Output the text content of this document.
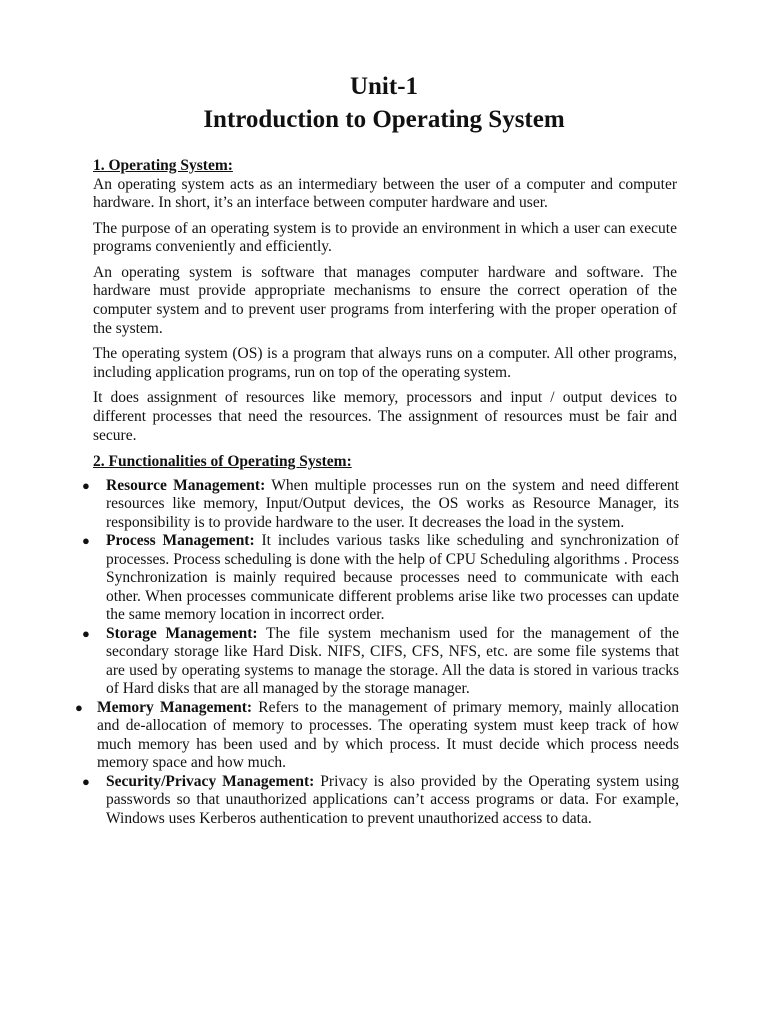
Unit-1
Introduction to Operating System

1. Operating System:

An operating system acts as an intermediary between the user of a computer and computer hardware. In short, it’s an interface between computer hardware and user.

The purpose of an operating system is to provide an environment in which a user can execute programs conveniently and efficiently.

An operating system is software that manages computer hardware and software. The hardware must provide appropriate mechanisms to ensure the correct operation of the computer system and to prevent user programs from interfering with the proper operation of the system.

The operating system (OS) is a program that always runs on a computer. All other programs, including application programs, run on top of the operating system.

It does assignment of resources like memory, processors and input / output devices to different processes that need the resources. The assignment of resources must be fair and secure.

2. Functionalities of Operating System:

● Resource Management: When multiple processes run on the system and need different resources like memory, Input/Output devices, the OS works as Resource Manager, its responsibility is to provide hardware to the user. It decreases the load in the system.
● Process Management: It includes various tasks like scheduling and synchronization of processes. Process scheduling is done with the help of CPU Scheduling algorithms . Process Synchronization is mainly required because processes need to communicate with each other. When processes communicate different problems arise like two processes can update the same memory location in incorrect order.
● Storage Management: The file system mechanism used for the management of the secondary storage like Hard Disk. NIFS, CIFS, CFS, NFS, etc. are some file systems that are used by operating systems to manage the storage. All the data is stored in various tracks of Hard disks that are all managed by the storage manager.
● Memory Management: Refers to the management of primary memory, mainly allocation and de-allocation of memory to processes. The operating system must keep track of how much memory has been used and by which process. It must decide which process needs memory space and how much.
● Security/Privacy Management: Privacy is also provided by the Operating system using passwords so that unauthorized applications can’t access programs or data. For example, Windows uses Kerberos authentication to prevent unauthorized access to data.
